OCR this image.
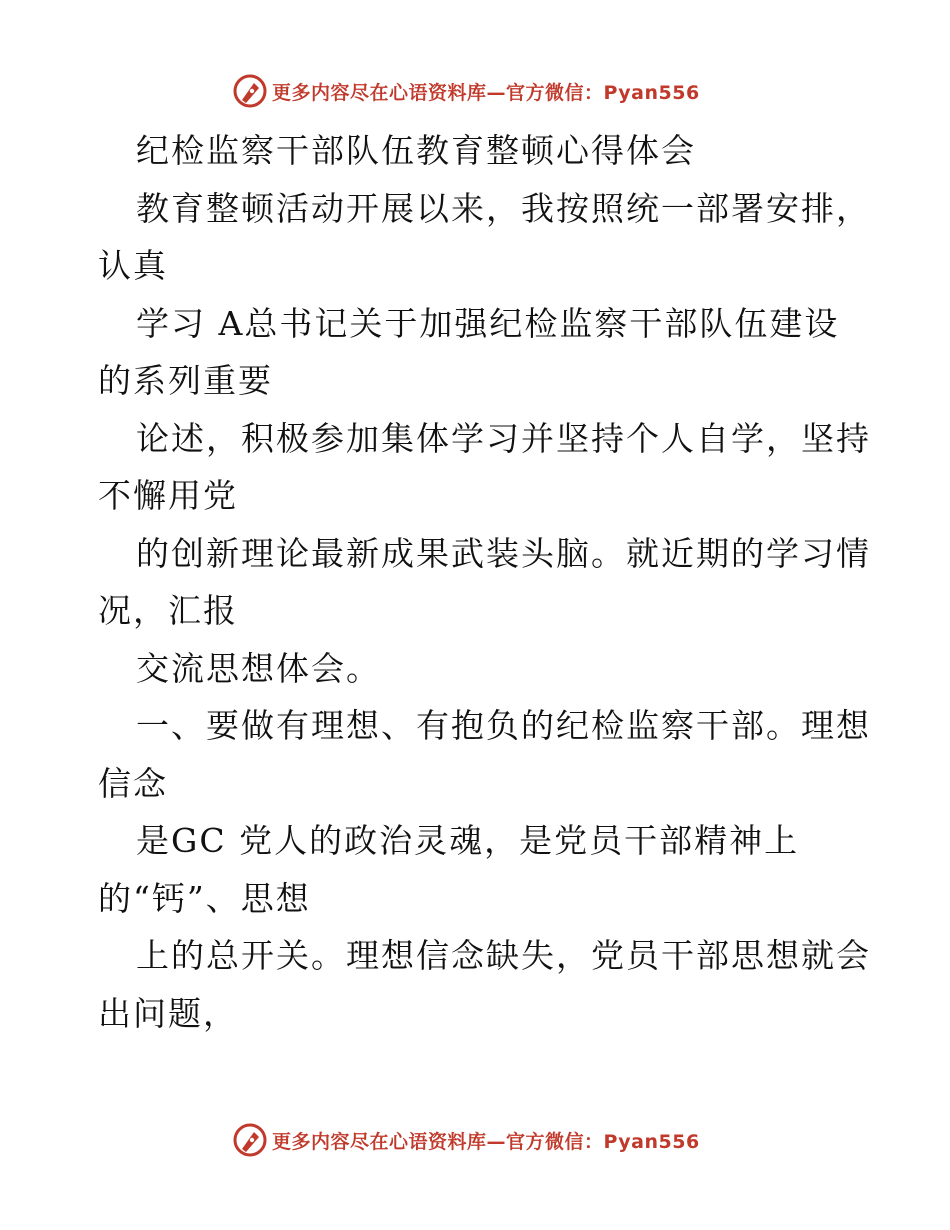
更多内容尽在心语资料库—官方微信：Pyan556
纪检监察干部队伍教育整顿心得体会
教育整顿活动开展以来，我按照统一部署安排，
认真
学习 A总书记关于加强纪检监察干部队伍建设
的系列重要
论述，积极参加集体学习并坚持个人自学，坚持
不懈用党
的创新理论最新成果武装头脑。就近期的学习情
况，汇报
交流思想体会。
一、要做有理想、有抱负的纪检监察干部。理想
信念
是GC 党人的政治灵魂，是党员干部精神上
的“钙”、思想
上的总开关。理想信念缺失，党员干部思想就会
出问题，
更多内容尽在心语资料库—官方微信：Pyan556
